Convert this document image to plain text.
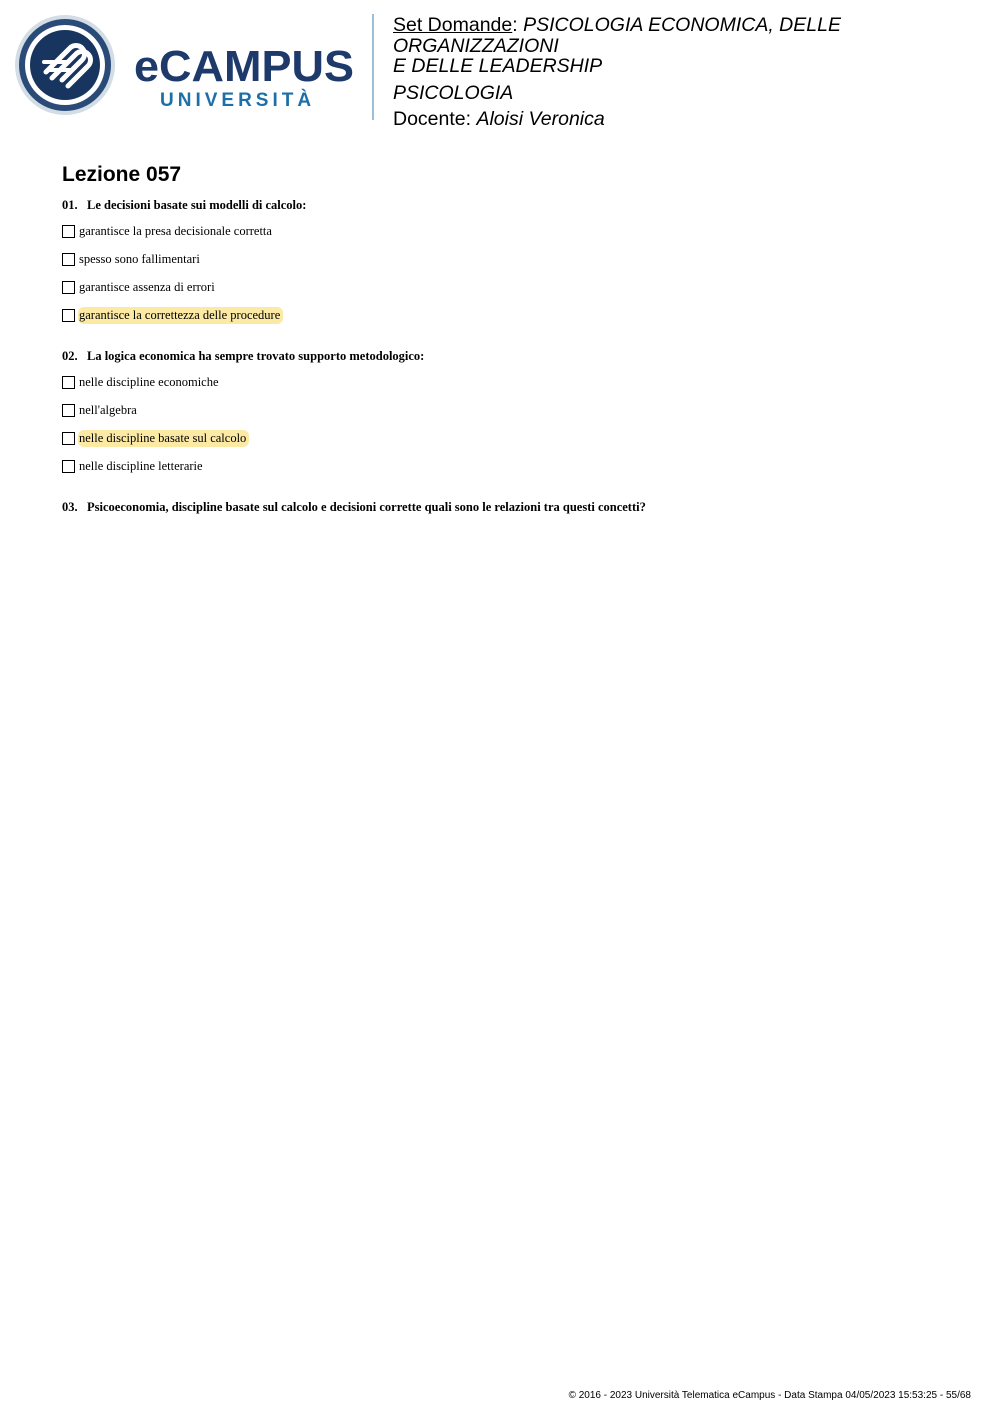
eCAMPUS
UNIVERSITÀ
Set Domande: PSICOLOGIA ECONOMICA, DELLE ORGANIZZAZIONI
E DELLE LEADERSHIP
PSICOLOGIA
Docente: Aloisi Veronica
Lezione 057
01. Le decisioni basate sui modelli di calcolo:
garantisce la presa decisionale corretta
spesso sono fallimentari
garantisce assenza di errori
garantisce la correttezza delle procedure
02. La logica economica ha sempre trovato supporto metodologico:
nelle discipline economiche
nell'algebra
nelle discipline basate sul calcolo
nelle discipline letterarie
03. Psicoeconomia, discipline basate sul calcolo e decisioni corrette quali sono le relazioni tra questi concetti?
© 2016 - 2023 Università Telematica eCampus - Data Stampa 04/05/2023 15:53:25 - 55/68
